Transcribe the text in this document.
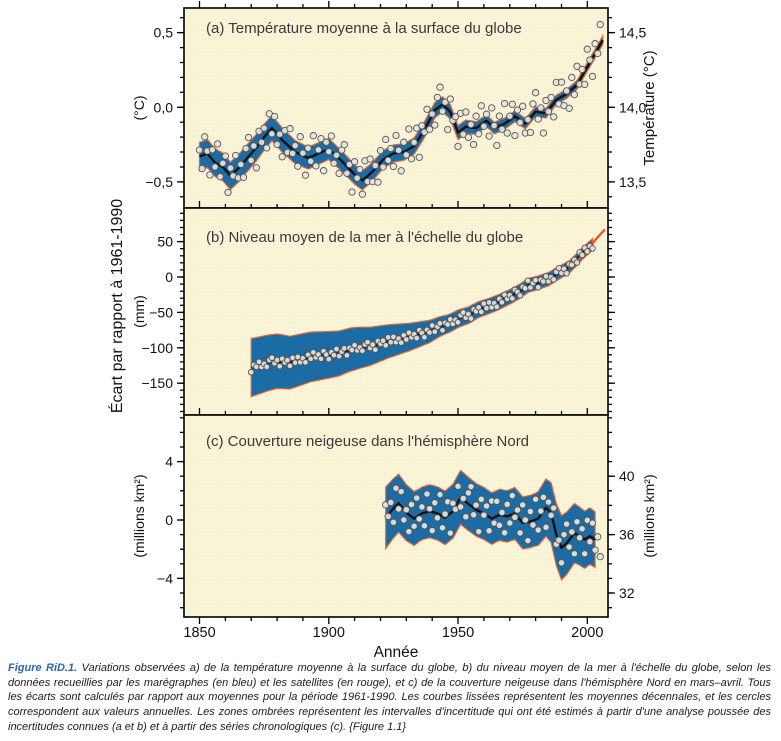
0,5
0,0
−0,5
14,5
14,0
13,5
(°C)	Température (°C)
(a) Température moyenne à la surface du globe
50
0
−50
−100
−150
(mm)
(b) Niveau moyen de la mer à l'échelle du globe
4
0
−4
40
36
32
(millions km²)	(millions km²)
(c) Couverture neigeuse dans l'hémisphère Nord
1850	1900	1950	2000
Année
Écart par rapport à 1961-1990

Figure RiD.1. Variations observées a) de la température moyenne à la surface du globe, b) du niveau moyen de la mer à l'échelle du globe, selon les données recueillies par les marégraphes (en bleu) et les satellites (en rouge), et c) de la couverture neigeuse dans l'hémisphère Nord en mars–avril. Tous les écarts sont calculés par rapport aux moyennes pour la période 1961-1990. Les courbes lissées représentent les moyennes décennales, et les cercles correspondent aux valeurs annuelles. Les zones ombrées représentent les intervalles d'incertitude qui ont été estimés à partir d'une analyse poussée des incertitudes connues (a et b) et à partir des séries chronologiques (c). {Figure 1.1}
